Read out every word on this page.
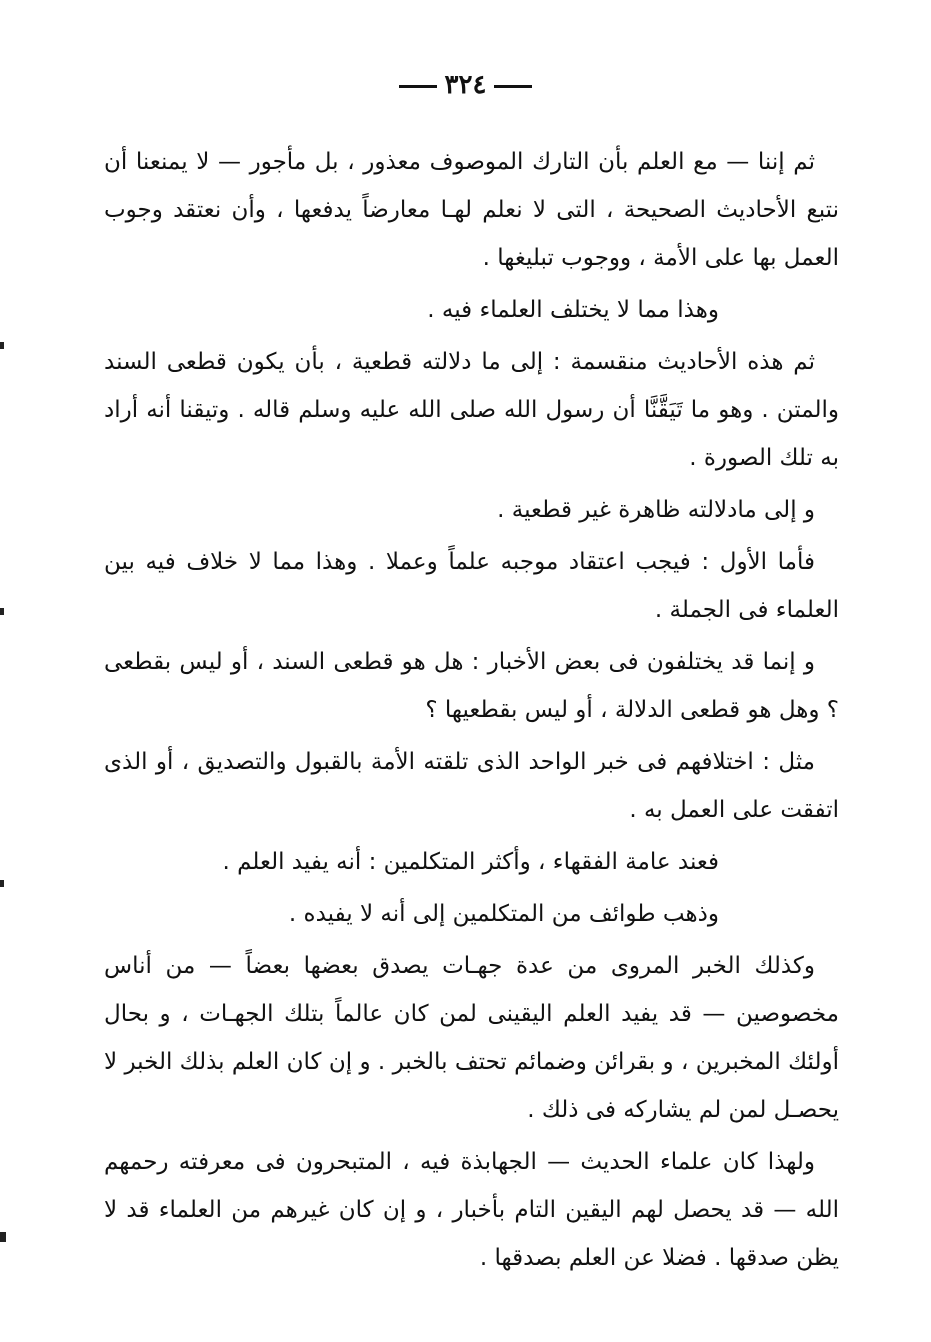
٣٢٤

ثم إننا — مع العلم بأن التارك الموصوف معذور ، بل مأجور — لا يمنعنا أن نتبع الأحاديث الصحيحة ، التى لا نعلم لهـا معارضاً يدفعها ، وأن نعتقد وجوب العمل بها على الأمة ، ووجوب تبليغها .

وهذا مما لا يختلف العلماء فيه .

ثم هذه الأحاديث منقسمة : إلى ما دلالته قطعية ، بأن يكون قطعى السند والمتن . وهو ما تَيَقَّنَّا أن رسول الله صلى الله عليه وسلم قاله . وتيقنا أنه أراد به تلك الصورة .

و إلى مادلالته ظاهرة غير قطعية .

فأما الأول : فيجب اعتقاد موجبه علماً وعملا . وهذا مما لا خلاف فيه بين العلماء فى الجملة .

و إنما قد يختلفون فى بعض الأخبار : هل هو قطعى السند ، أو ليس بقطعى ؟ وهل هو قطعى الدلالة ، أو ليس بقطعيها ؟

مثل : اختلافهم فى خبر الواحد الذى تلقته الأمة بالقبول والتصديق ، أو الذى اتفقت على العمل به .

فعند عامة الفقهاء ، وأكثر المتكلمين : أنه يفيد العلم .

وذهب طوائف من المتكلمين إلى أنه لا يفيده .

وكذلك الخبر المروى من عدة جهـات يصدق بعضها بعضاً — من أناس مخصوصين — قد يفيد العلم اليقينى لمن كان عالماً بتلك الجهـات ، و بحال أولئك المخبرين ، و بقرائن وضمائم تحتف بالخبر . و إن كان العلم بذلك الخبر لا يحصـل لمن لم يشاركه فى ذلك .

ولهذا كان علماء الحديث — الجهابذة فيه ، المتبحرون فى معرفته رحمهم الله — قد يحصل لهم اليقين التام بأخبار ، و إن كان غيرهم من العلماء قد لا يظن صدقها . فضلا عن العلم بصدقها .
